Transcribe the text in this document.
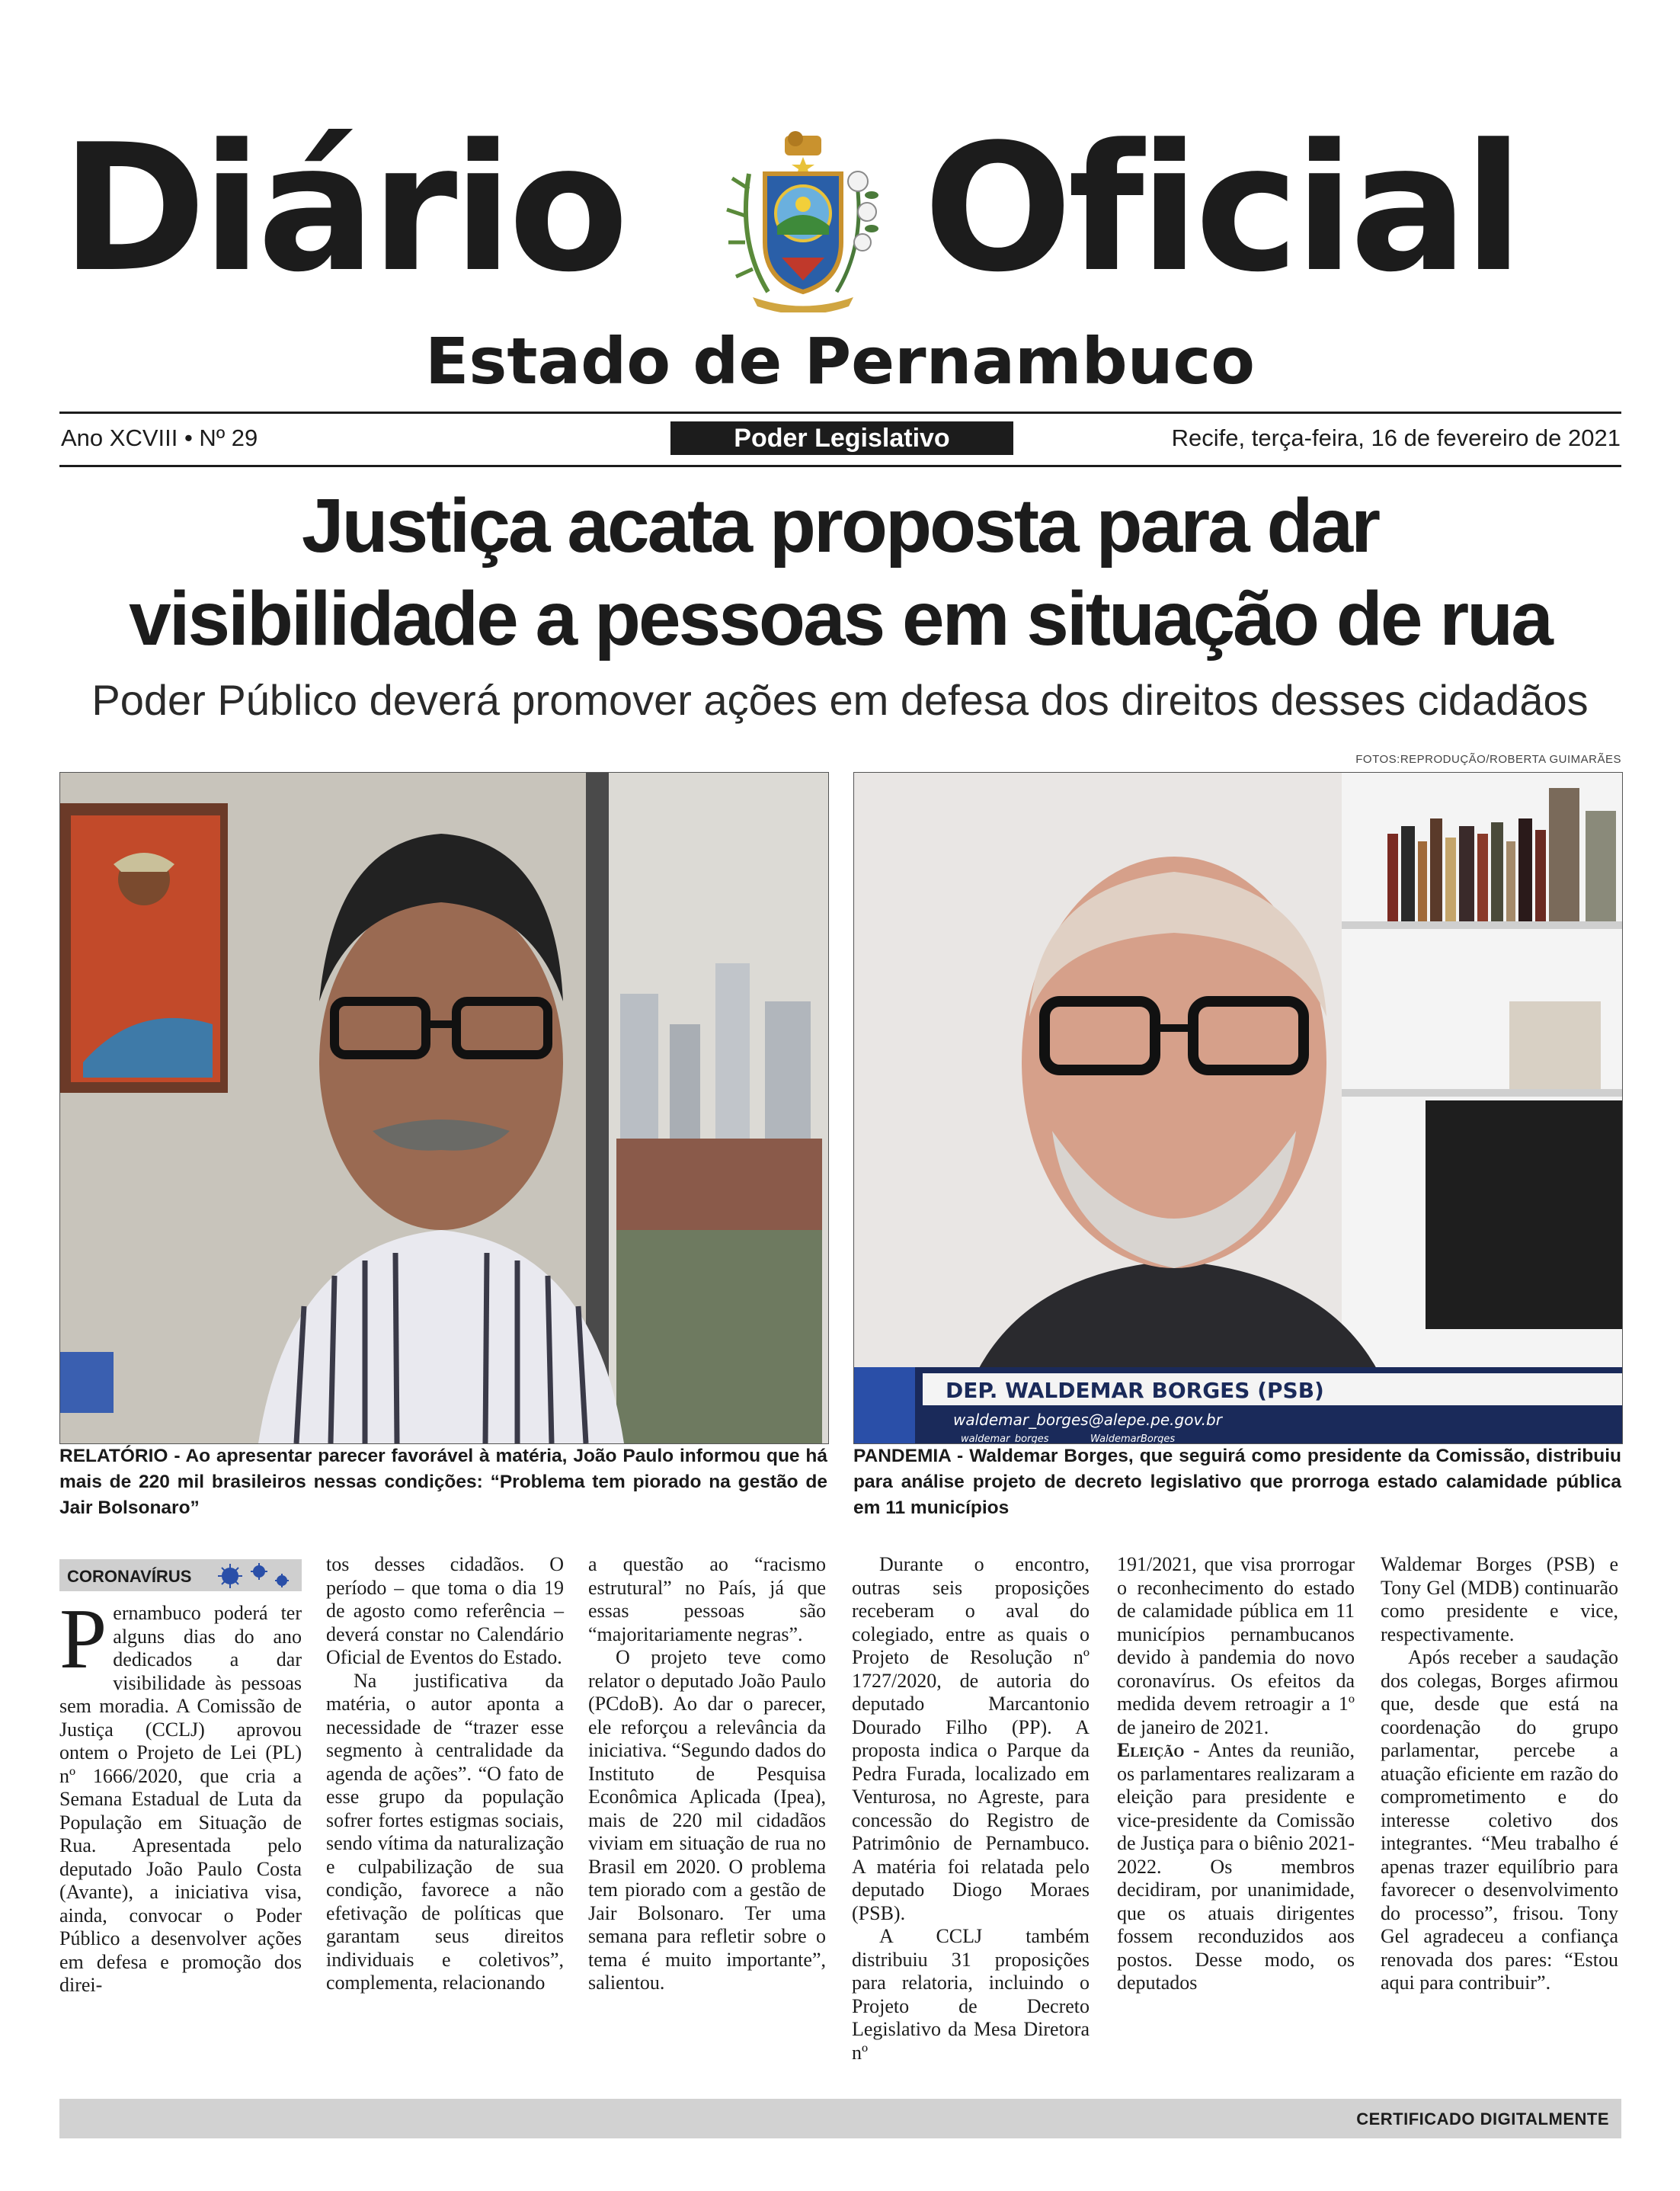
Diário Oficial
Estado de Pernambuco
Ano XCVIII • Nº 29	Poder Legislativo	Recife, terça-feira, 16 de fevereiro de 2021
Justiça acata proposta para dar
visibilidade a pessoas em situação de rua
Poder Público deverá promover ações em defesa dos direitos desses cidadãos
FOTOS:REPRODUÇÃO/ROBERTA GUIMARÃES
DEP. WALDEMAR BORGES (PSB)
waldemar_borges@alepe.pe.gov.br
waldemar_borges	WaldemarBorges
RELATÓRIO - Ao apresentar parecer favorável à matéria, João Paulo informou que há mais de 220 mil brasileiros nessas condições: “Problema tem piorado na gestão de Jair Bolsonaro”
PANDEMIA - Waldemar Borges, que seguirá como presidente da Comissão, distribuiu para análise projeto de decreto legislativo que prorroga estado calamidade pública em 11 municípios
CORONAVÍRUS
P ernambuco poderá ter alguns dias do ano dedicados a dar visibilidade às pessoas sem moradia. A Comissão de Justiça (CCLJ) aprovou ontem o Projeto de Lei (PL) nº 1666/2020, que cria a Semana Estadual de Luta da População em Situação de Rua. Apresentada pelo deputado João Paulo Costa (Avante), a iniciativa visa, ainda, convocar o Poder Público a desenvolver ações em defesa e promoção dos direi-

tos desses cidadãos. O período – que toma o dia 19 de agosto como referência – deverá constar no Calendário Oficial de Eventos do Estado.

Na justificativa da matéria, o autor aponta a necessidade de “trazer esse segmento à centralidade da agenda de ações”. “O fato de esse grupo da população sofrer fortes estigmas sociais, sendo vítima da naturalização e culpabilização de sua condição, favorece a não efetivação de políticas que garantam seus direitos individuais e coletivos”, complementa, relacionando

a questão ao “racismo estrutural” no País, já que essas pessoas são “majoritariamente negras”.

O projeto teve como relator o deputado João Paulo (PCdoB). Ao dar o parecer, ele reforçou a relevância da iniciativa. “Segundo dados do Instituto de Pesquisa Econômica Aplicada (Ipea), mais de 220 mil cidadãos viviam em situação de rua no Brasil em 2020. O problema tem piorado com a gestão de Jair Bolsonaro. Ter uma semana para refletir sobre o tema é muito importante”, salientou.

Durante o encontro, outras seis proposições receberam o aval do colegiado, entre as quais o Projeto de Resolução nº 1727/2020, de autoria do deputado Marcantonio Dourado Filho (PP). A proposta indica o Parque da Pedra Furada, localizado em Venturosa, no Agreste, para concessão do Registro de Patrimônio de Pernambuco. A matéria foi relatada pelo deputado Diogo Moraes (PSB).

A CCLJ também distribuiu 31 proposições para relatoria, incluindo o Projeto de Decreto Legislativo da Mesa Diretora nº

191/2021, que visa prorrogar o reconhecimento do estado de calamidade pública em 11 municípios pernambucanos devido à pandemia do novo coronavírus. Os efeitos da medida devem retroagir a 1º de janeiro de 2021.

Eleição - Antes da reunião, os parlamentares realizaram a eleição para presidente e vice-presidente da Comissão de Justiça para o biênio 2021-2022. Os membros decidiram, por unanimidade, que os atuais dirigentes fossem reconduzidos aos postos. Desse modo, os deputados

Waldemar Borges (PSB) e Tony Gel (MDB) continuarão como presidente e vice, respectivamente.

Após receber a saudação dos colegas, Borges afirmou que, desde que está na coordenação do grupo parlamentar, percebe a atuação eficiente em razão do comprometimento e do interesse coletivo dos integrantes. “Meu trabalho é apenas trazer equilíbrio para favorecer o desenvolvimento do processo”, frisou. Tony Gel agradeceu a confiança renovada dos pares: “Estou aqui para contribuir”.

CERTIFICADO DIGITALMENTE
